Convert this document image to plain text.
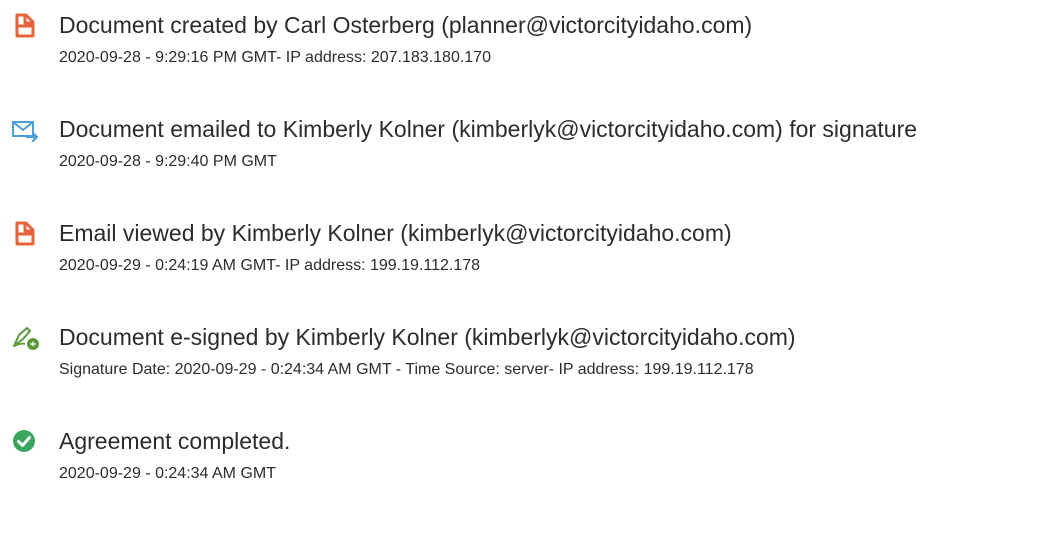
Document created by Carl Osterberg (planner@victorcityidaho.com)
2020-09-28 - 9:29:16 PM GMT- IP address: 207.183.180.170
Document emailed to Kimberly Kolner (kimberlyk@victorcityidaho.com) for signature
2020-09-28 - 9:29:40 PM GMT
Email viewed by Kimberly Kolner (kimberlyk@victorcityidaho.com)
2020-09-29 - 0:24:19 AM GMT- IP address: 199.19.112.178
Document e-signed by Kimberly Kolner (kimberlyk@victorcityidaho.com)
Signature Date: 2020-09-29 - 0:24:34 AM GMT - Time Source: server- IP address: 199.19.112.178
Agreement completed.
2020-09-29 - 0:24:34 AM GMT
